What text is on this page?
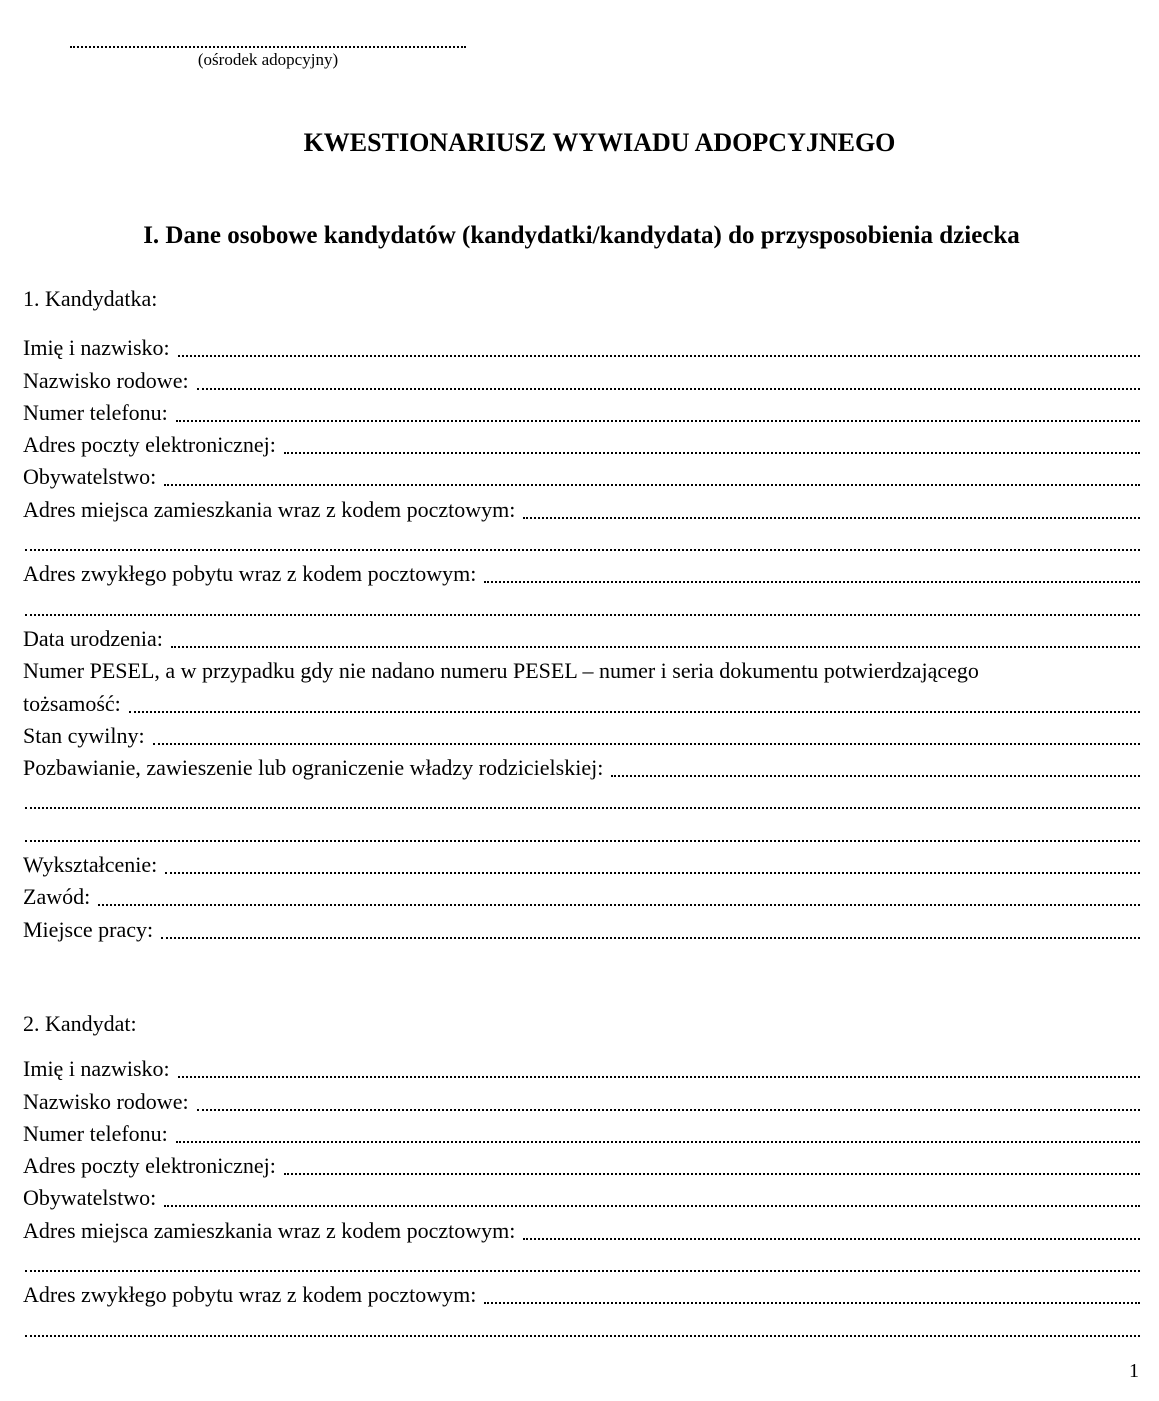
(ośrodek adopcyjny)
KWESTIONARIUSZ WYWIADU ADOPCYJNEGO
I. Dane osobowe kandydatów (kandydatki/kandydata) do przysposobienia dziecka
1. Kandydatka:
Imię i nazwisko:
Nazwisko rodowe:
Numer telefonu:
Adres poczty elektronicznej:
Obywatelstwo:
Adres miejsca zamieszkania wraz z kodem pocztowym:
Adres zwykłego pobytu wraz z kodem pocztowym:
Data urodzenia:
Numer PESEL, a w przypadku gdy nie nadano numeru PESEL – numer i seria dokumentu potwierdzającego
tożsamość:
Stan cywilny:
Pozbawianie, zawieszenie lub ograniczenie władzy rodzicielskiej:
Wykształcenie:
Zawód:
Miejsce pracy:
2. Kandydat:
Imię i nazwisko:
Nazwisko rodowe:
Numer telefonu:
Adres poczty elektronicznej:
Obywatelstwo:
Adres miejsca zamieszkania wraz z kodem pocztowym:
Adres zwykłego pobytu wraz z kodem pocztowym:
1
